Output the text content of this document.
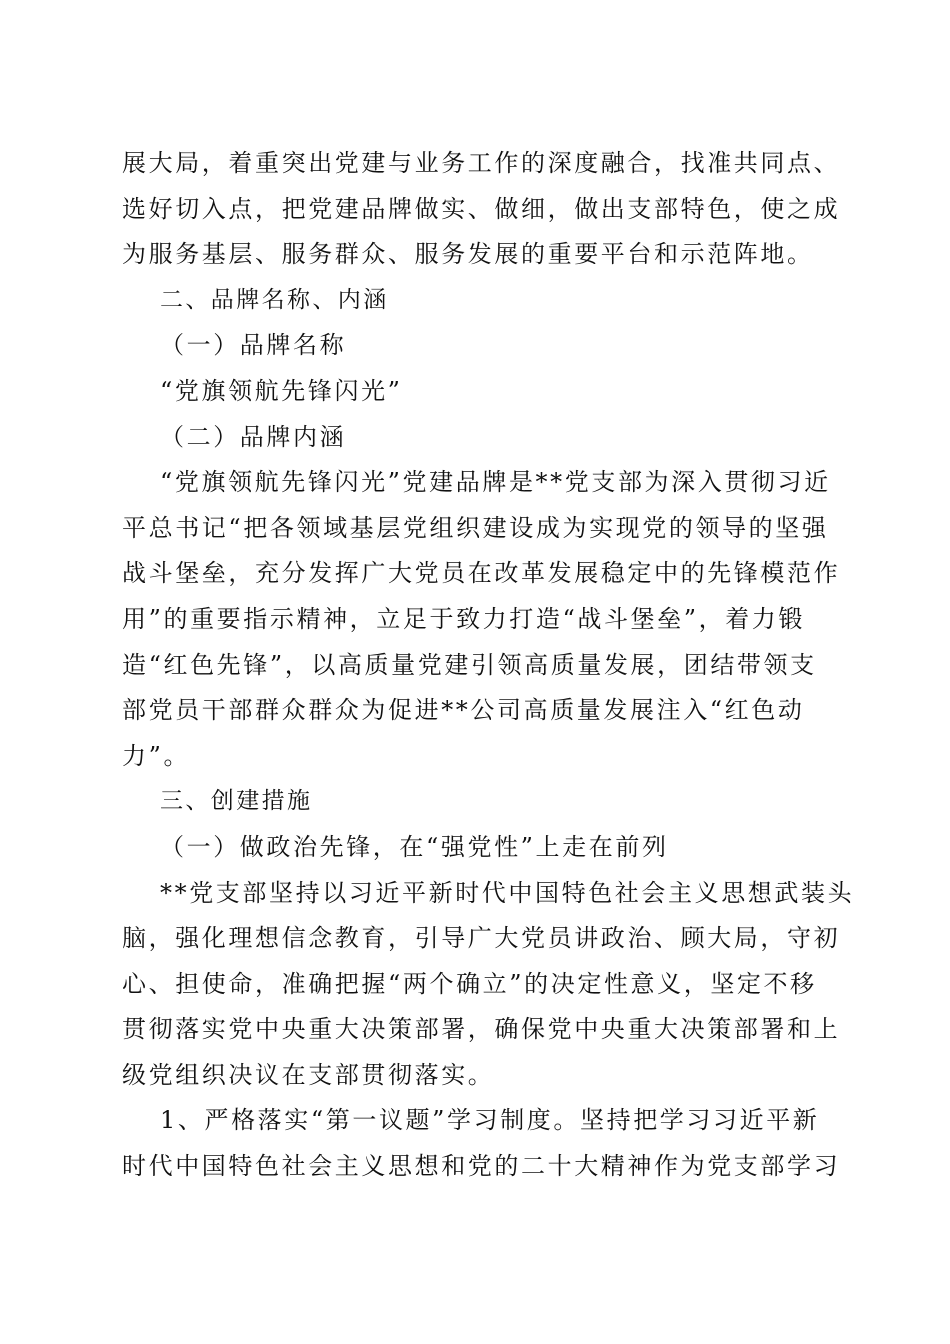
展大局，着重突出党建与业务工作的深度融合，找准共同点、
选好切入点，把党建品牌做实、做细，做出支部特色，使之成
为服务基层、服务群众、服务发展的重要平台和示范阵地。
二、品牌名称、内涵
（一）品牌名称
“党旗领航先锋闪光”
（二）品牌内涵
“党旗领航先锋闪光”党建品牌是**党支部为深入贯彻习近
平总书记“把各领域基层党组织建设成为实现党的领导的坚强
战斗堡垒，充分发挥广大党员在改革发展稳定中的先锋模范作
用”的重要指示精神，立足于致力打造“战斗堡垒”，着力锻
造“红色先锋”，以高质量党建引领高质量发展，团结带领支
部党员干部群众群众为促进**公司高质量发展注入“红色动
力”。
三、创建措施
（一）做政治先锋，在“强党性”上走在前列
**党支部坚持以习近平新时代中国特色社会主义思想武装头
脑，强化理想信念教育，引导广大党员讲政治、顾大局，守初
心、担使命，准确把握“两个确立”的决定性意义，坚定不移
贯彻落实党中央重大决策部署，确保党中央重大决策部署和上
级党组织决议在支部贯彻落实。
1、严格落实“第一议题”学习制度。坚持把学习习近平新
时代中国特色社会主义思想和党的二十大精神作为党支部学习
